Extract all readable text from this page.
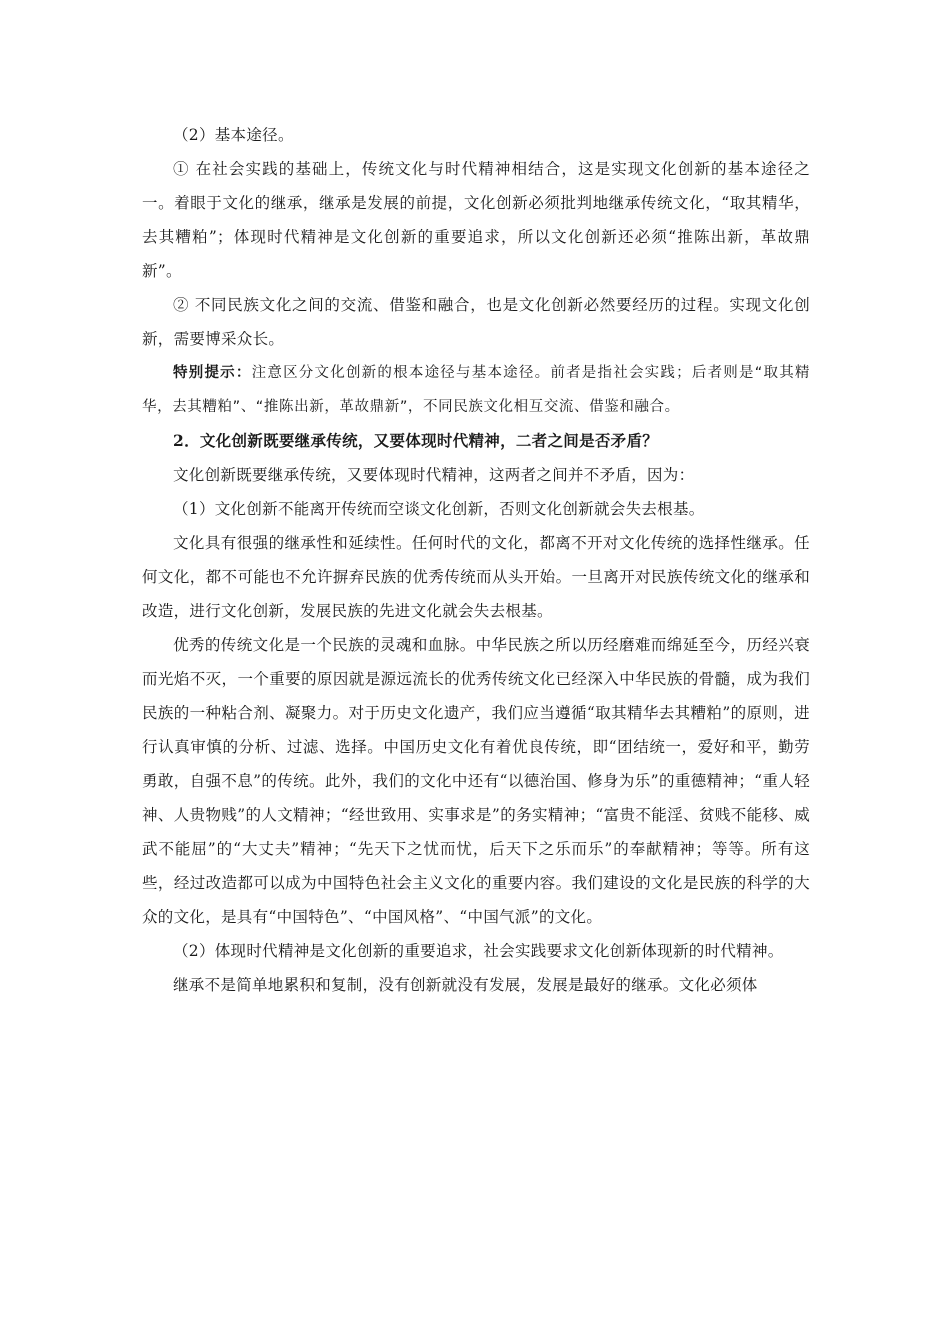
（2）基本途径。

① 在社会实践的基础上，传统文化与时代精神相结合，这是实现文化创新的基本途径之一。着眼于文化的继承，继承是发展的前提，文化创新必须批判地继承传统文化，“取其精华，去其糟粕”；体现时代精神是文化创新的重要追求，所以文化创新还必须“推陈出新，革故鼎新”。

② 不同民族文化之间的交流、借鉴和融合，也是文化创新必然要经历的过程。实现文化创新，需要博采众长。

特别提示：注意区分文化创新的根本途径与基本途径。前者是指社会实践；后者则是“取其精华，去其糟粕”、“推陈出新，革故鼎新”，不同民族文化相互交流、借鉴和融合。

2．文化创新既要继承传统，又要体现时代精神，二者之间是否矛盾？

文化创新既要继承传统，又要体现时代精神，这两者之间并不矛盾，因为：

（1）文化创新不能离开传统而空谈文化创新，否则文化创新就会失去根基。

文化具有很强的继承性和延续性。任何时代的文化，都离不开对文化传统的选择性继承。任何文化，都不可能也不允许摒弃民族的优秀传统而从头开始。一旦离开对民族传统文化的继承和改造，进行文化创新，发展民族的先进文化就会失去根基。

优秀的传统文化是一个民族的灵魂和血脉。中华民族之所以历经磨难而绵延至今，历经兴衰而光焰不灭，一个重要的原因就是源远流长的优秀传统文化已经深入中华民族的骨髓，成为我们民族的一种粘合剂、凝聚力。对于历史文化遗产，我们应当遵循“取其精华去其糟粕”的原则，进行认真审慎的分析、过滤、选择。中国历史文化有着优良传统，即“团结统一，爱好和平，勤劳勇敢，自强不息”的传统。此外，我们的文化中还有“以德治国、修身为乐”的重德精神；“重人轻神、人贵物贱”的人文精神；“经世致用、实事求是”的务实精神；“富贵不能淫、贫贱不能移、威武不能屈”的“大丈夫”精神；“先天下之忧而忧，后天下之乐而乐”的奉献精神；等等。所有这些，经过改造都可以成为中国特色社会主义文化的重要内容。我们建设的文化是民族的科学的大众的文化，是具有“中国特色”、“中国风格”、“中国气派”的文化。

（2）体现时代精神是文化创新的重要追求，社会实践要求文化创新体现新的时代精神。

继承不是简单地累积和复制，没有创新就没有发展，发展是最好的继承。文化必须体
